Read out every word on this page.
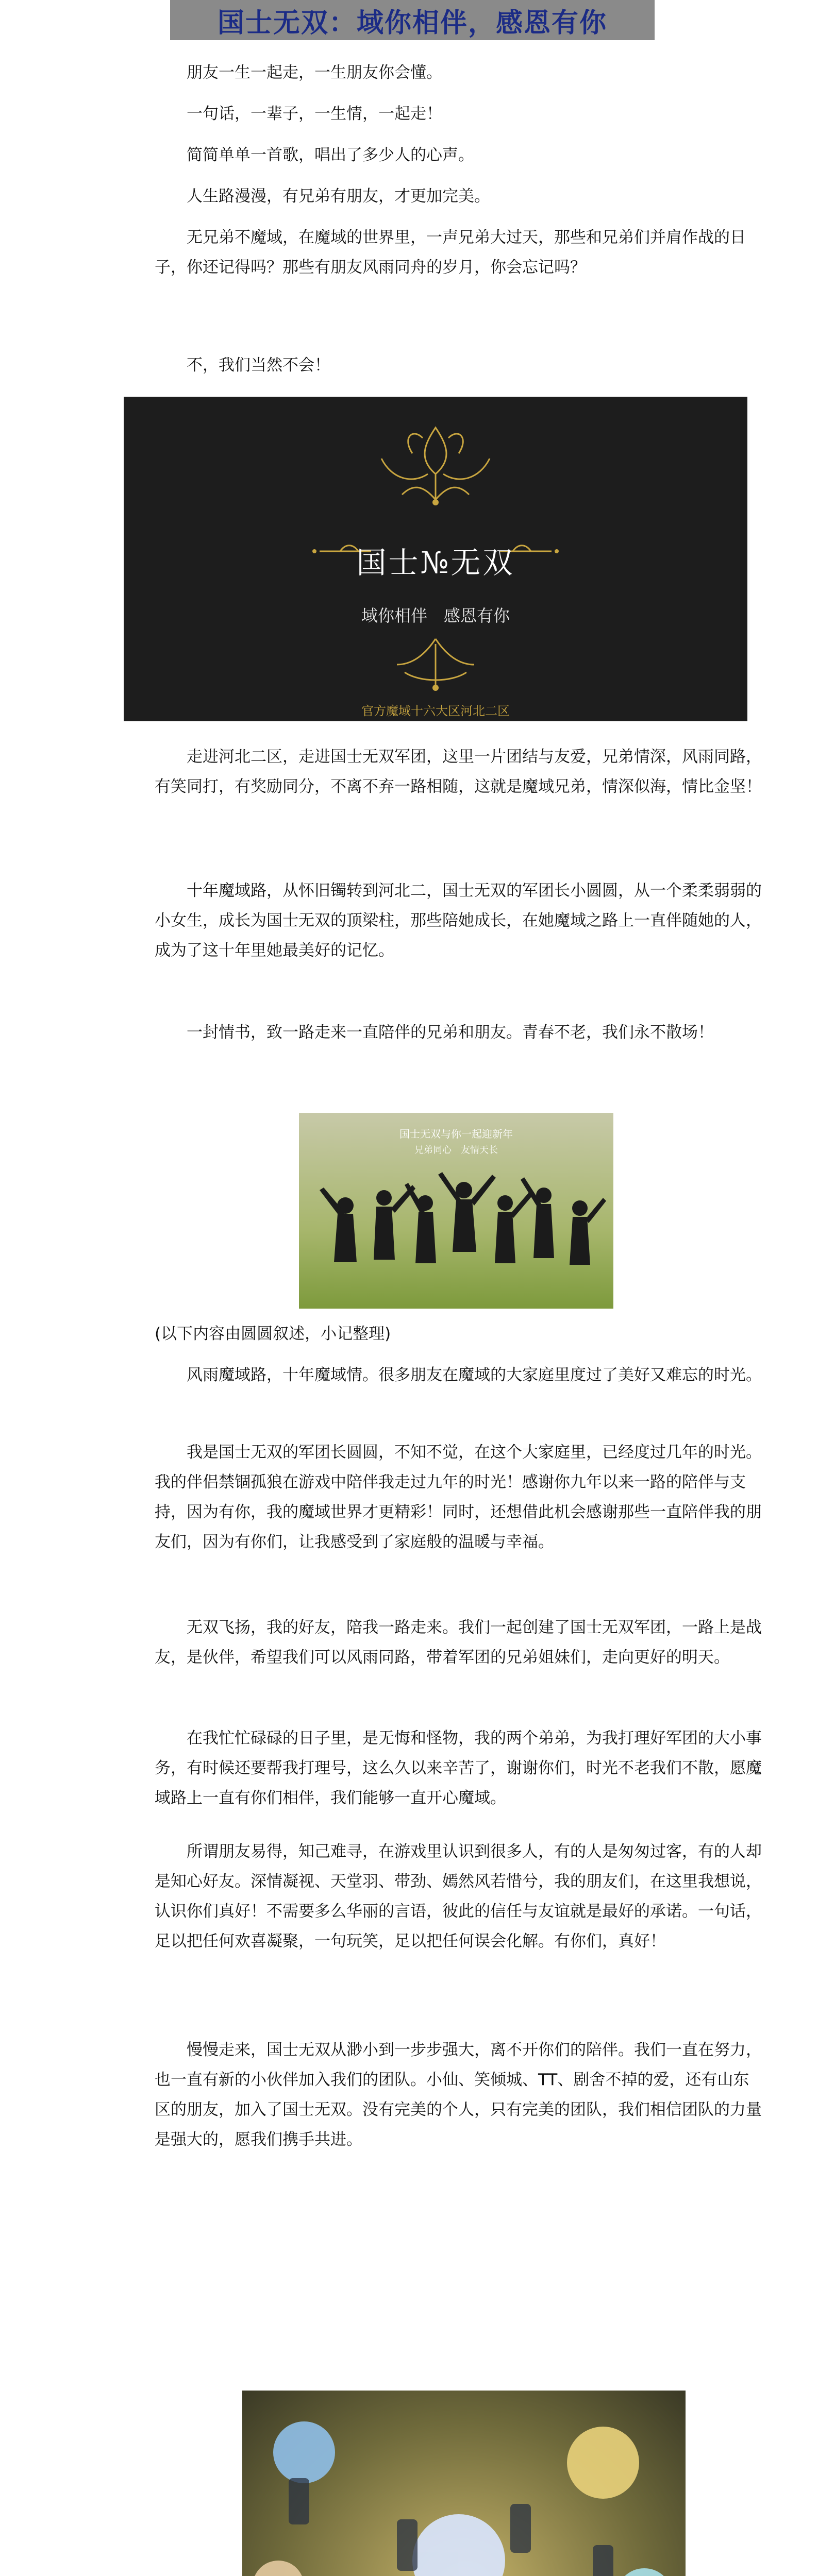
国士无双：域你相伴，感恩有你
朋友一生一起走，一生朋友你会懂。
一句话，一辈子，一生情，一起走！
简简单单一首歌，唱出了多少人的心声。
人生路漫漫，有兄弟有朋友，才更加完美。
无兄弟不魔域，在魔域的世界里，一声兄弟大过天，那些和兄弟们并肩作战的日子，你还记得吗？那些有朋友风雨同舟的岁月，你会忘记吗？
不，我们当然不会！
国士№无双
域你相伴　感恩有你
官方魔域十六大区河北二区
走进河北二区，走进国士无双军团，这里一片团结与友爱，兄弟情深，风雨同路，有笑同打，有奖励同分，不离不弃一路相随，这就是魔域兄弟，情深似海，情比金坚！
十年魔域路，从怀旧镯转到河北二，国士无双的军团长小圆圆，从一个柔柔弱弱的小女生，成长为国士无双的顶梁柱，那些陪她成长，在她魔域之路上一直伴随她的人，成为了这十年里她最美好的记忆。
一封情书，致一路走来一直陪伴的兄弟和朋友。青春不老，我们永不散场！
国士无双与你一起迎新年
兄弟同心　友情天长
(以下内容由圆圆叙述，小记整理)
风雨魔域路，十年魔域情。很多朋友在魔域的大家庭里度过了美好又难忘的时光。
我是国士无双的军团长圆圆，不知不觉，在这个大家庭里，已经度过几年的时光。我的伴侣禁锢孤狼在游戏中陪伴我走过九年的时光！感谢你九年以来一路的陪伴与支持，因为有你，我的魔域世界才更精彩！同时，还想借此机会感谢那些一直陪伴我的朋友们，因为有你们，让我感受到了家庭般的温暖与幸福。
无双飞扬，我的好友，陪我一路走来。我们一起创建了国士无双军团，一路上是战友，是伙伴，希望我们可以风雨同路，带着军团的兄弟姐妹们，走向更好的明天。
在我忙忙碌碌的日子里，是无悔和怪物，我的两个弟弟，为我打理好军团的大小事务，有时候还要帮我打理号，这么久以来辛苦了，谢谢你们，时光不老我们不散，愿魔域路上一直有你们相伴，我们能够一直开心魔域。
所谓朋友易得，知己难寻，在游戏里认识到很多人，有的人是匆匆过客，有的人却是知心好友。深情凝视、天堂羽、带劲、嫣然风若惜兮，我的朋友们，在这里我想说，认识你们真好！不需要多么华丽的言语，彼此的信任与友谊就是最好的承诺。一句话，足以把任何欢喜凝聚，一句玩笑，足以把任何误会化解。有你们，真好！
慢慢走来，国士无双从渺小到一步步强大，离不开你们的陪伴。我们一直在努力，也一直有新的小伙伴加入我们的团队。小仙、笑倾城、TT、剧舍不掉的爱，还有山东区的朋友，加入了国士无双。没有完美的个人，只有完美的团队，我们相信团队的力量是强大的，愿我们携手共进。
